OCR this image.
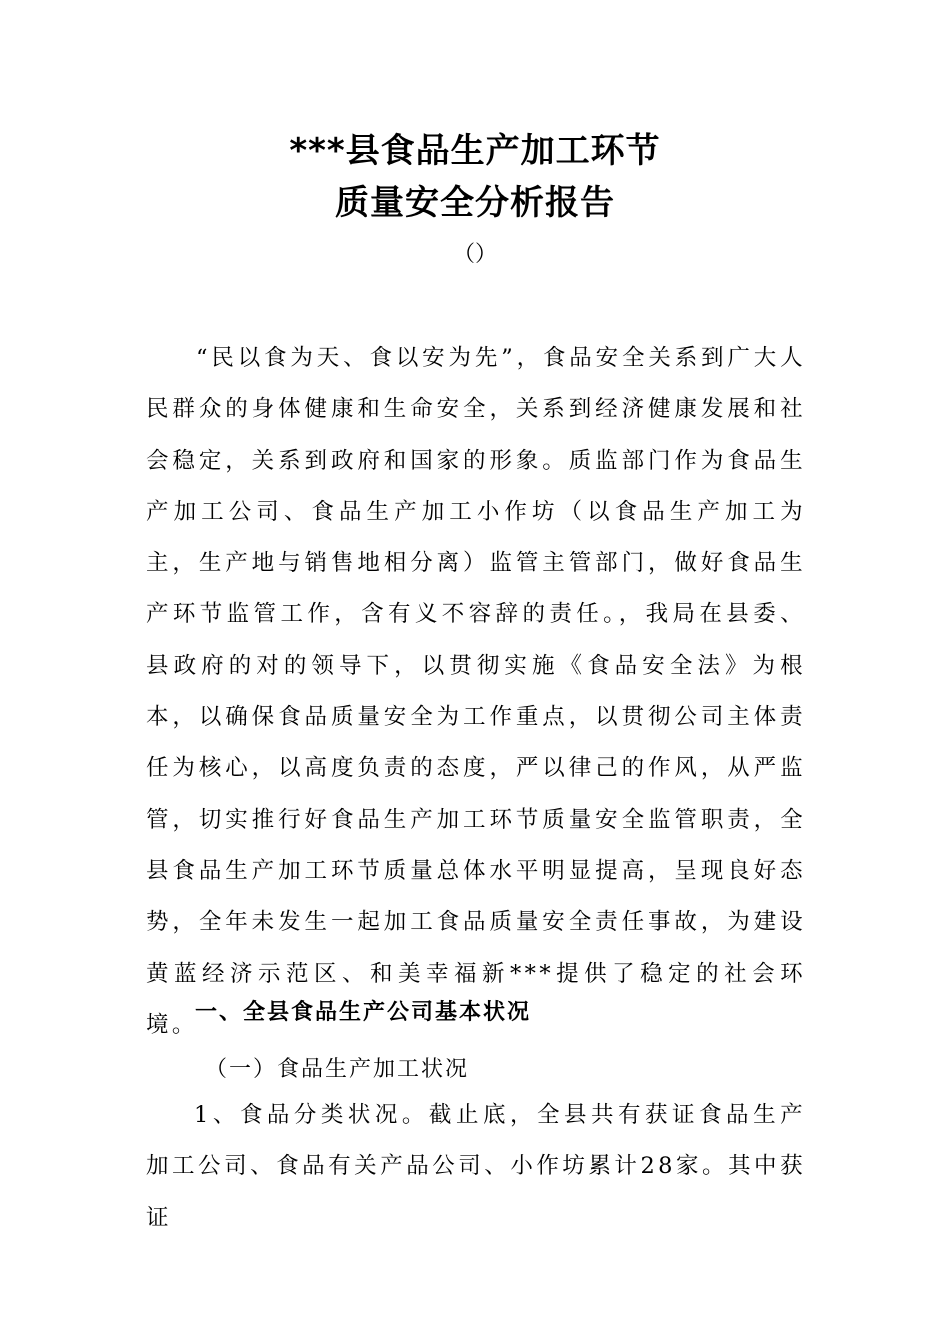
***县食品生产加工环节
质量安全分析报告
（）
“民以食为天、食以安为先”，食品安全关系到广大人民群众的身体健康和生命安全，关系到经济健康发展和社会稳定，关系到政府和国家的形象。质监部门作为食品生产加工公司、食品生产加工小作坊（以食品生产加工为主，生产地与销售地相分离）监管主管部门，做好食品生产环节监管工作，含有义不容辞的责任。，我局在县委、县政府的对的领导下，以贯彻实施《食品安全法》为根本，以确保食品质量安全为工作重点，以贯彻公司主体责任为核心，以高度负责的态度，严以律己的作风，从严监管，切实推行好食品生产加工环节质量安全监管职责，全县食品生产加工环节质量总体水平明显提高，呈现良好态势，全年未发生一起加工食品质量安全责任事故，为建设黄蓝经济示范区、和美幸福新***提供了稳定的社会环境。
一、全县食品生产公司基本状况
（一）食品生产加工状况
1、食品分类状况。截止底，全县共有获证食品生产加工公司、食品有关产品公司、小作坊累计28家。其中获证
